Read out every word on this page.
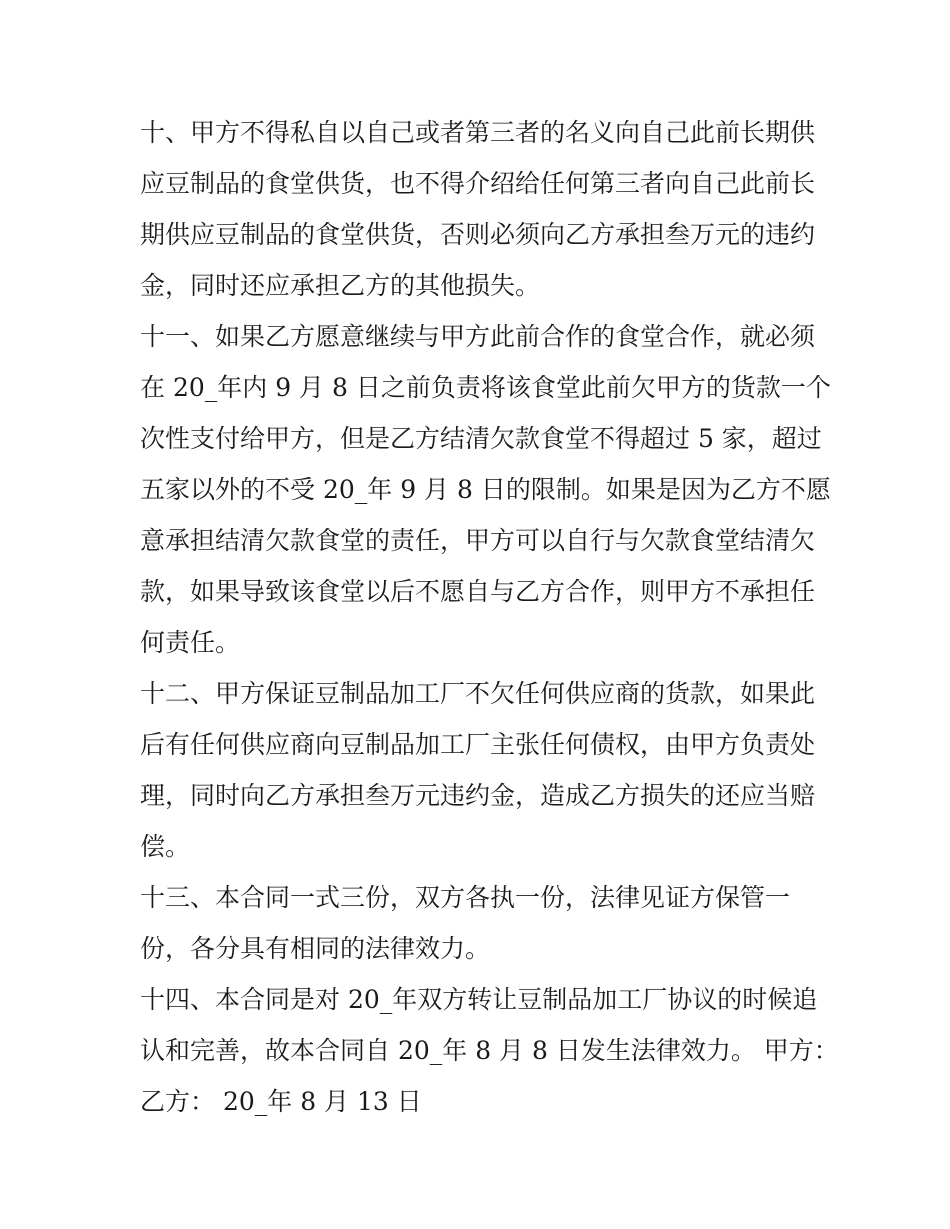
十、甲方不得私自以自己或者第三者的名义向自己此前长期供
应豆制品的食堂供货，也不得介绍给任何第三者向自己此前长
期供应豆制品的食堂供货，否则必须向乙方承担叁万元的违约
金，同时还应承担乙方的其他损失。
十一、如果乙方愿意继续与甲方此前合作的食堂合作，就必须
在 20_年内 9 月 8 日之前负责将该食堂此前欠甲方的货款一个
次性支付给甲方，但是乙方结清欠款食堂不得超过 5 家，超过
五家以外的不受 20_年 9 月 8 日的限制。如果是因为乙方不愿
意承担结清欠款食堂的责任，甲方可以自行与欠款食堂结清欠
款，如果导致该食堂以后不愿自与乙方合作，则甲方不承担任
何责任。
十二、甲方保证豆制品加工厂不欠任何供应商的货款，如果此
后有任何供应商向豆制品加工厂主张任何债权，由甲方负责处
理，同时向乙方承担叁万元违约金，造成乙方损失的还应当赔
偿。
十三、本合同一式三份，双方各执一份，法律见证方保管一
份，各分具有相同的法律效力。
十四、本合同是对 20_年双方转让豆制品加工厂协议的时候追
认和完善，故本合同自 20_年 8 月 8 日发生法律效力。 甲方：
乙方： 20_年 8 月 13 日
